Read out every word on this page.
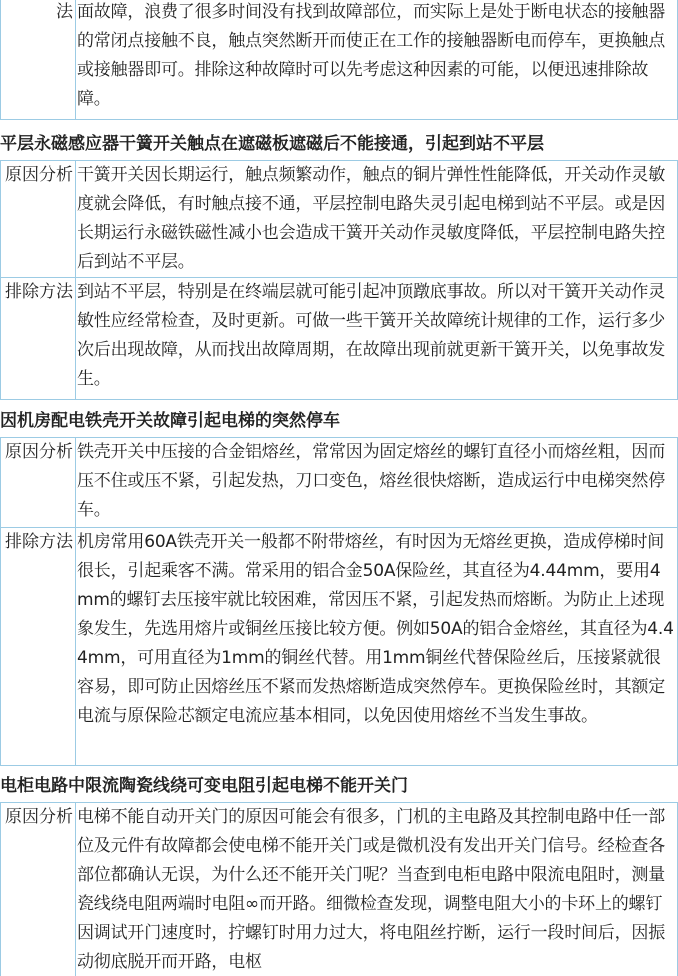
法	面故障，浪费了很多时间没有找到故障部位，而实际上是处于断电状态的接触器的常闭点接触不良，触点突然断开而使正在工作的接触器断电而停车，更换触点或接触器即可。排除这种故障时可以先考虑这种因素的可能，以便迅速排除故障。
平层永磁感应器干簧开关触点在遮磁板遮磁后不能接通，引起到站不平层
原因分析	干簧开关因长期运行，触点频繁动作，触点的铜片弹性性能降低，开关动作灵敏度就会降低，有时触点接不通，平层控制电路失灵引起电梯到站不平层。或是因长期运行永磁铁磁性减小也会造成干簧开关动作灵敏度降低，平层控制电路失控后到站不平层。
排除方法	到站不平层，特别是在终端层就可能引起冲顶蹾底事故。所以对干簧开关动作灵敏性应经常检查，及时更新。可做一些干簧开关故障统计规律的工作，运行多少次后出现故障，从而找出故障周期，在故障出现前就更新干簧开关，以免事故发生。
因机房配电铁壳开关故障引起电梯的突然停车
原因分析	铁壳开关中压接的合金铝熔丝，常常因为固定熔丝的螺钉直径小而熔丝粗，因而压不住或压不紧，引起发热，刀口变色，熔丝很快熔断，造成运行中电梯突然停车。
排除方法	机房常用60A铁壳开关一般都不附带熔丝，有时因为无熔丝更换，造成停梯时间很长，引起乘客不满。常采用的铝合金50A保险丝，其直径为4.44mm，要用4mm的螺钉去压接牢就比较困难，常因压不紧，引起发热而熔断。为防止上述现象发生，先选用熔片或铜丝压接比较方便。例如50A的铝合金熔丝，其直径为4.44mm，可用直径为1mm的铜丝代替。用1mm铜丝代替保险丝后，压接紧就很容易，即可防止因熔丝压不紧而发热熔断造成突然停车。更换保险丝时，其额定电流与原保险芯额定电流应基本相同，以免因使用熔丝不当发生事故。
电柜电路中限流陶瓷线绕可变电阻引起电梯不能开关门
原因分析	电梯不能自动开关门的原因可能会有很多，门机的主电路及其控制电路中任一部位及元件有故障都会使电梯不能开关门或是微机没有发出开关门信号。经检查各部位都确认无误，为什么还不能开关门呢？当查到电柜电路中限流电阻时，测量瓷线绕电阻两端时电阻∞而开路。细微检查发现，调整电阻大小的卡环上的螺钉因调试开门速度时，拧螺钉时用力过大，将电阻丝拧断，运行一段时间后，因振动彻底脱开而开路，电枢
